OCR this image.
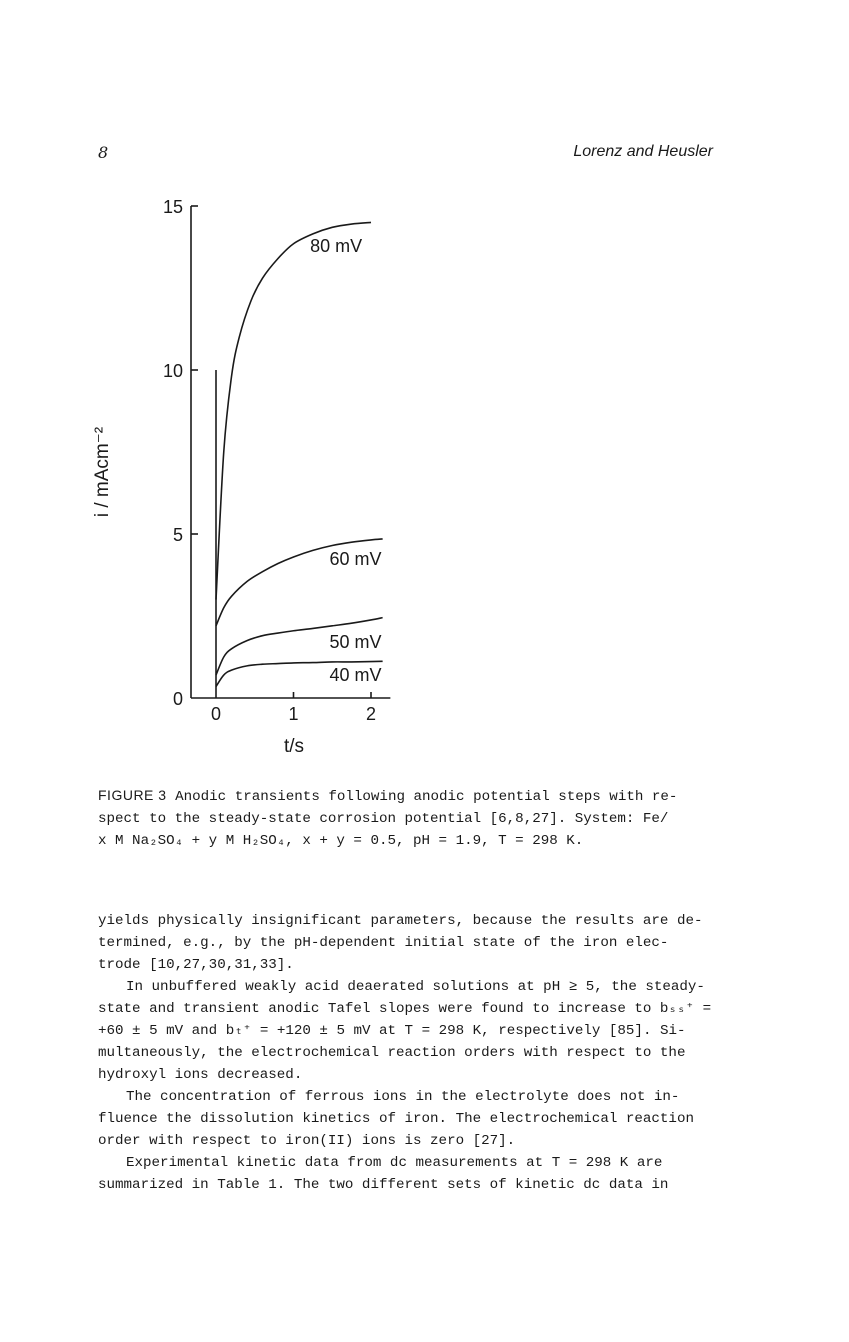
8	Lorenz and Heusler
0
5
10
15
0	1	2
t/s
i / mAcm⁻²
80 mV
60 mV
50 mV
40 mV
FIGURE 3 Anodic transients following anodic potential steps with re-
spect to the steady-state corrosion potential [6,8,27]. System: Fe/
x M Na₂SO₄ + y M H₂SO₄, x + y = 0.5, pH = 1.9, T = 298 K.

yields physically insignificant parameters, because the results are de-
termined, e.g., by the pH-dependent initial state of the iron elec-
trode [10,27,30,31,33].

In unbuffered weakly acid deaerated solutions at pH ≥ 5, the steady-
state and transient anodic Tafel slopes were found to increase to bₛₛ⁺ =
+60 ± 5 mV and bₜ⁺ = +120 ± 5 mV at T = 298 K, respectively [85]. Si-
multaneously, the electrochemical reaction orders with respect to the
hydroxyl ions decreased.

The concentration of ferrous ions in the electrolyte does not in-
fluence the dissolution kinetics of iron. The electrochemical reaction
order with respect to iron(II) ions is zero [27].

Experimental kinetic data from dc measurements at T = 298 K are
summarized in Table 1. The two different sets of kinetic dc data in
